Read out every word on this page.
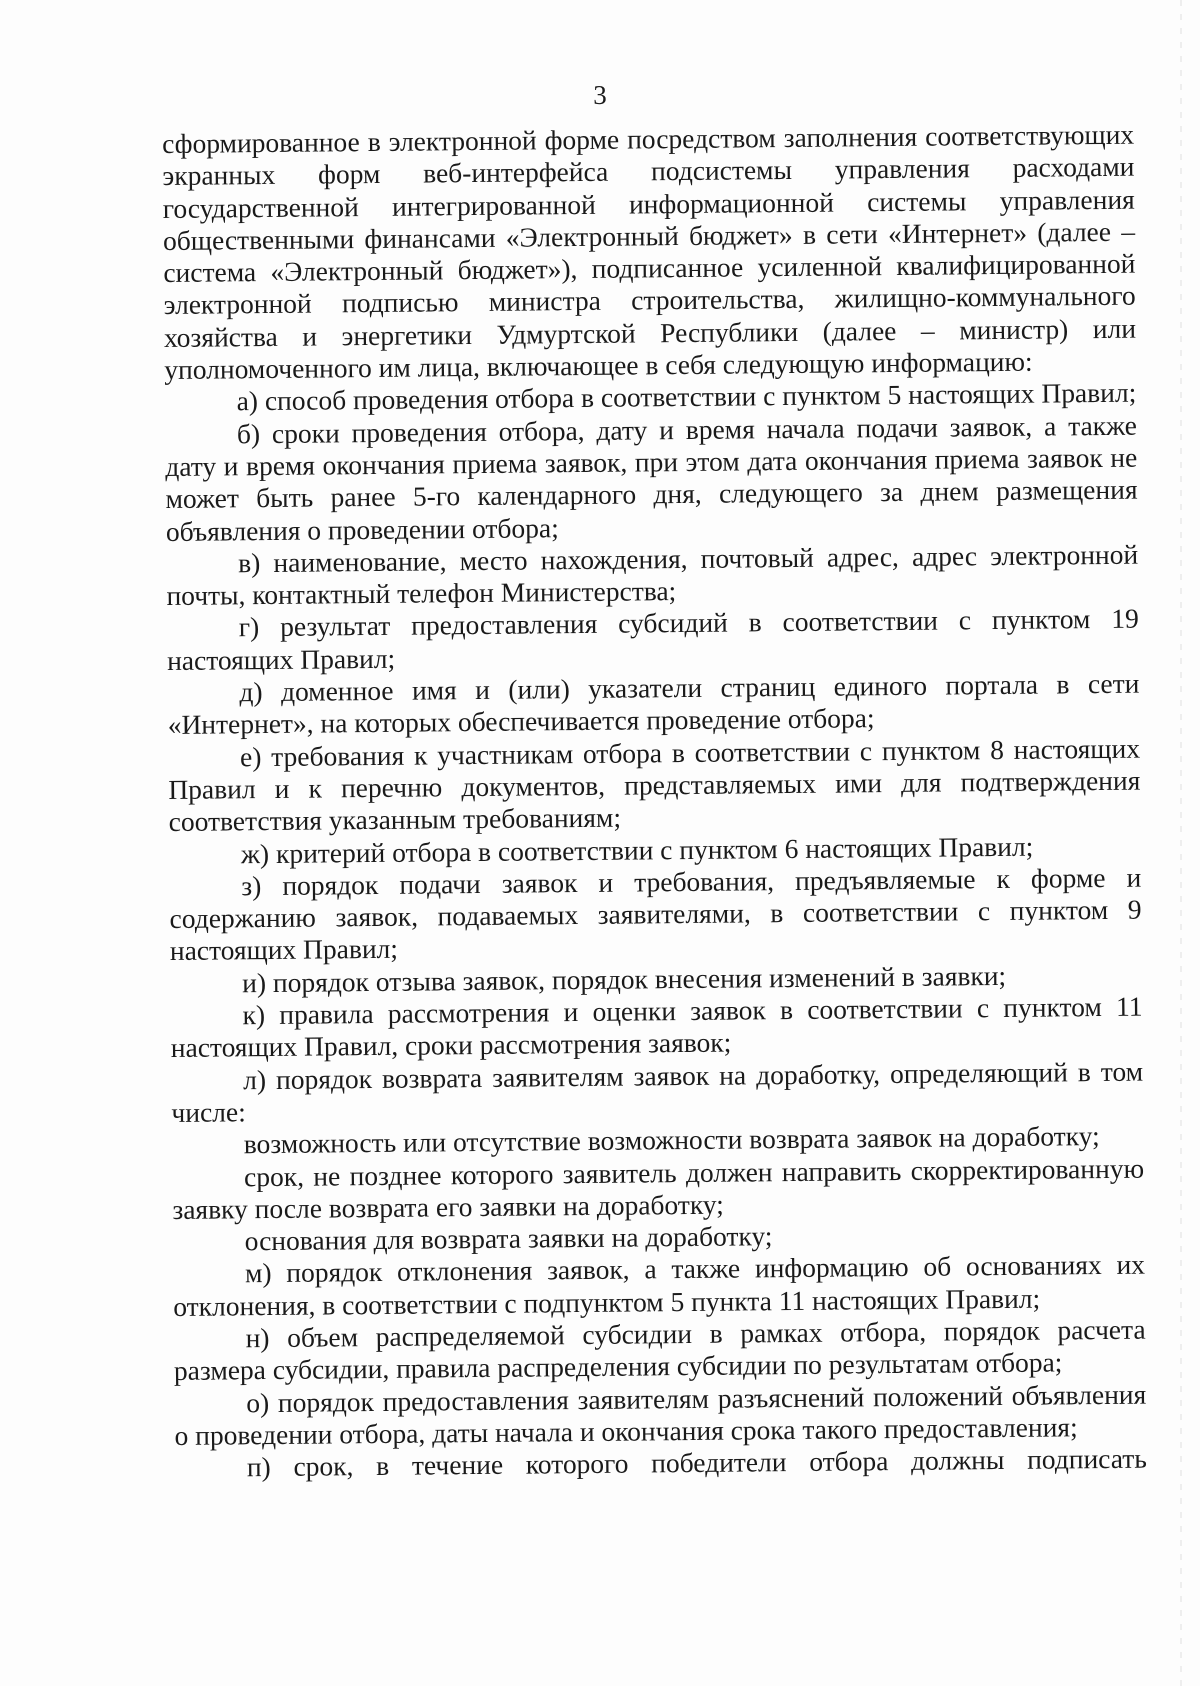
3

сформированное в электронной форме посредством заполнения соответствующих экранных форм веб-интерфейса подсистемы управления расходами государственной интегрированной информационной системы управления общественными финансами «Электронный бюджет» в сети «Интернет» (далее – система «Электронный бюджет»), подписанное усиленной квалифицированной электронной подписью министра строительства, жилищно-коммунального хозяйства и энергетики Удмуртской Республики (далее – министр) или уполномоченного им лица, включающее в себя следующую информацию:

а) способ проведения отбора в соответствии с пунктом 5 настоящих Правил;

б) сроки проведения отбора, дату и время начала подачи заявок, а также дату и время окончания приема заявок, при этом дата окончания приема заявок не может быть ранее 5-го календарного дня, следующего за днем размещения объявления о проведении отбора;

в) наименование, место нахождения, почтовый адрес, адрес электронной почты, контактный телефон Министерства;

г) результат предоставления субсидий в соответствии с пунктом 19 настоящих Правил;

д) доменное имя и (или) указатели страниц единого портала в сети «Интернет», на которых обеспечивается проведение отбора;

е) требования к участникам отбора в соответствии с пунктом 8 настоящих Правил и к перечню документов, представляемых ими для подтверждения соответствия указанным требованиям;

ж) критерий отбора в соответствии с пунктом 6 настоящих Правил;

з) порядок подачи заявок и требования, предъявляемые к форме и содержанию заявок, подаваемых заявителями, в соответствии с пунктом 9 настоящих Правил;

и) порядок отзыва заявок, порядок внесения изменений в заявки;

к) правила рассмотрения и оценки заявок в соответствии с пунктом 11 настоящих Правил, сроки рассмотрения заявок;

л) порядок возврата заявителям заявок на доработку, определяющий в том числе:

возможность или отсутствие возможности возврата заявок на доработку;

срок, не позднее которого заявитель должен направить скорректированную заявку после возврата его заявки на доработку;

основания для возврата заявки на доработку;

м) порядок отклонения заявок, а также информацию об основаниях их отклонения, в соответствии с подпунктом 5 пункта 11 настоящих Правил;

н) объем распределяемой субсидии в рамках отбора, порядок расчета размера субсидии, правила распределения субсидии по результатам отбора;

о) порядок предоставления заявителям разъяснений положений объявления о проведении отбора, даты начала и окончания срока такого предоставления;

п) срок, в течение которого победители отбора должны подписать
